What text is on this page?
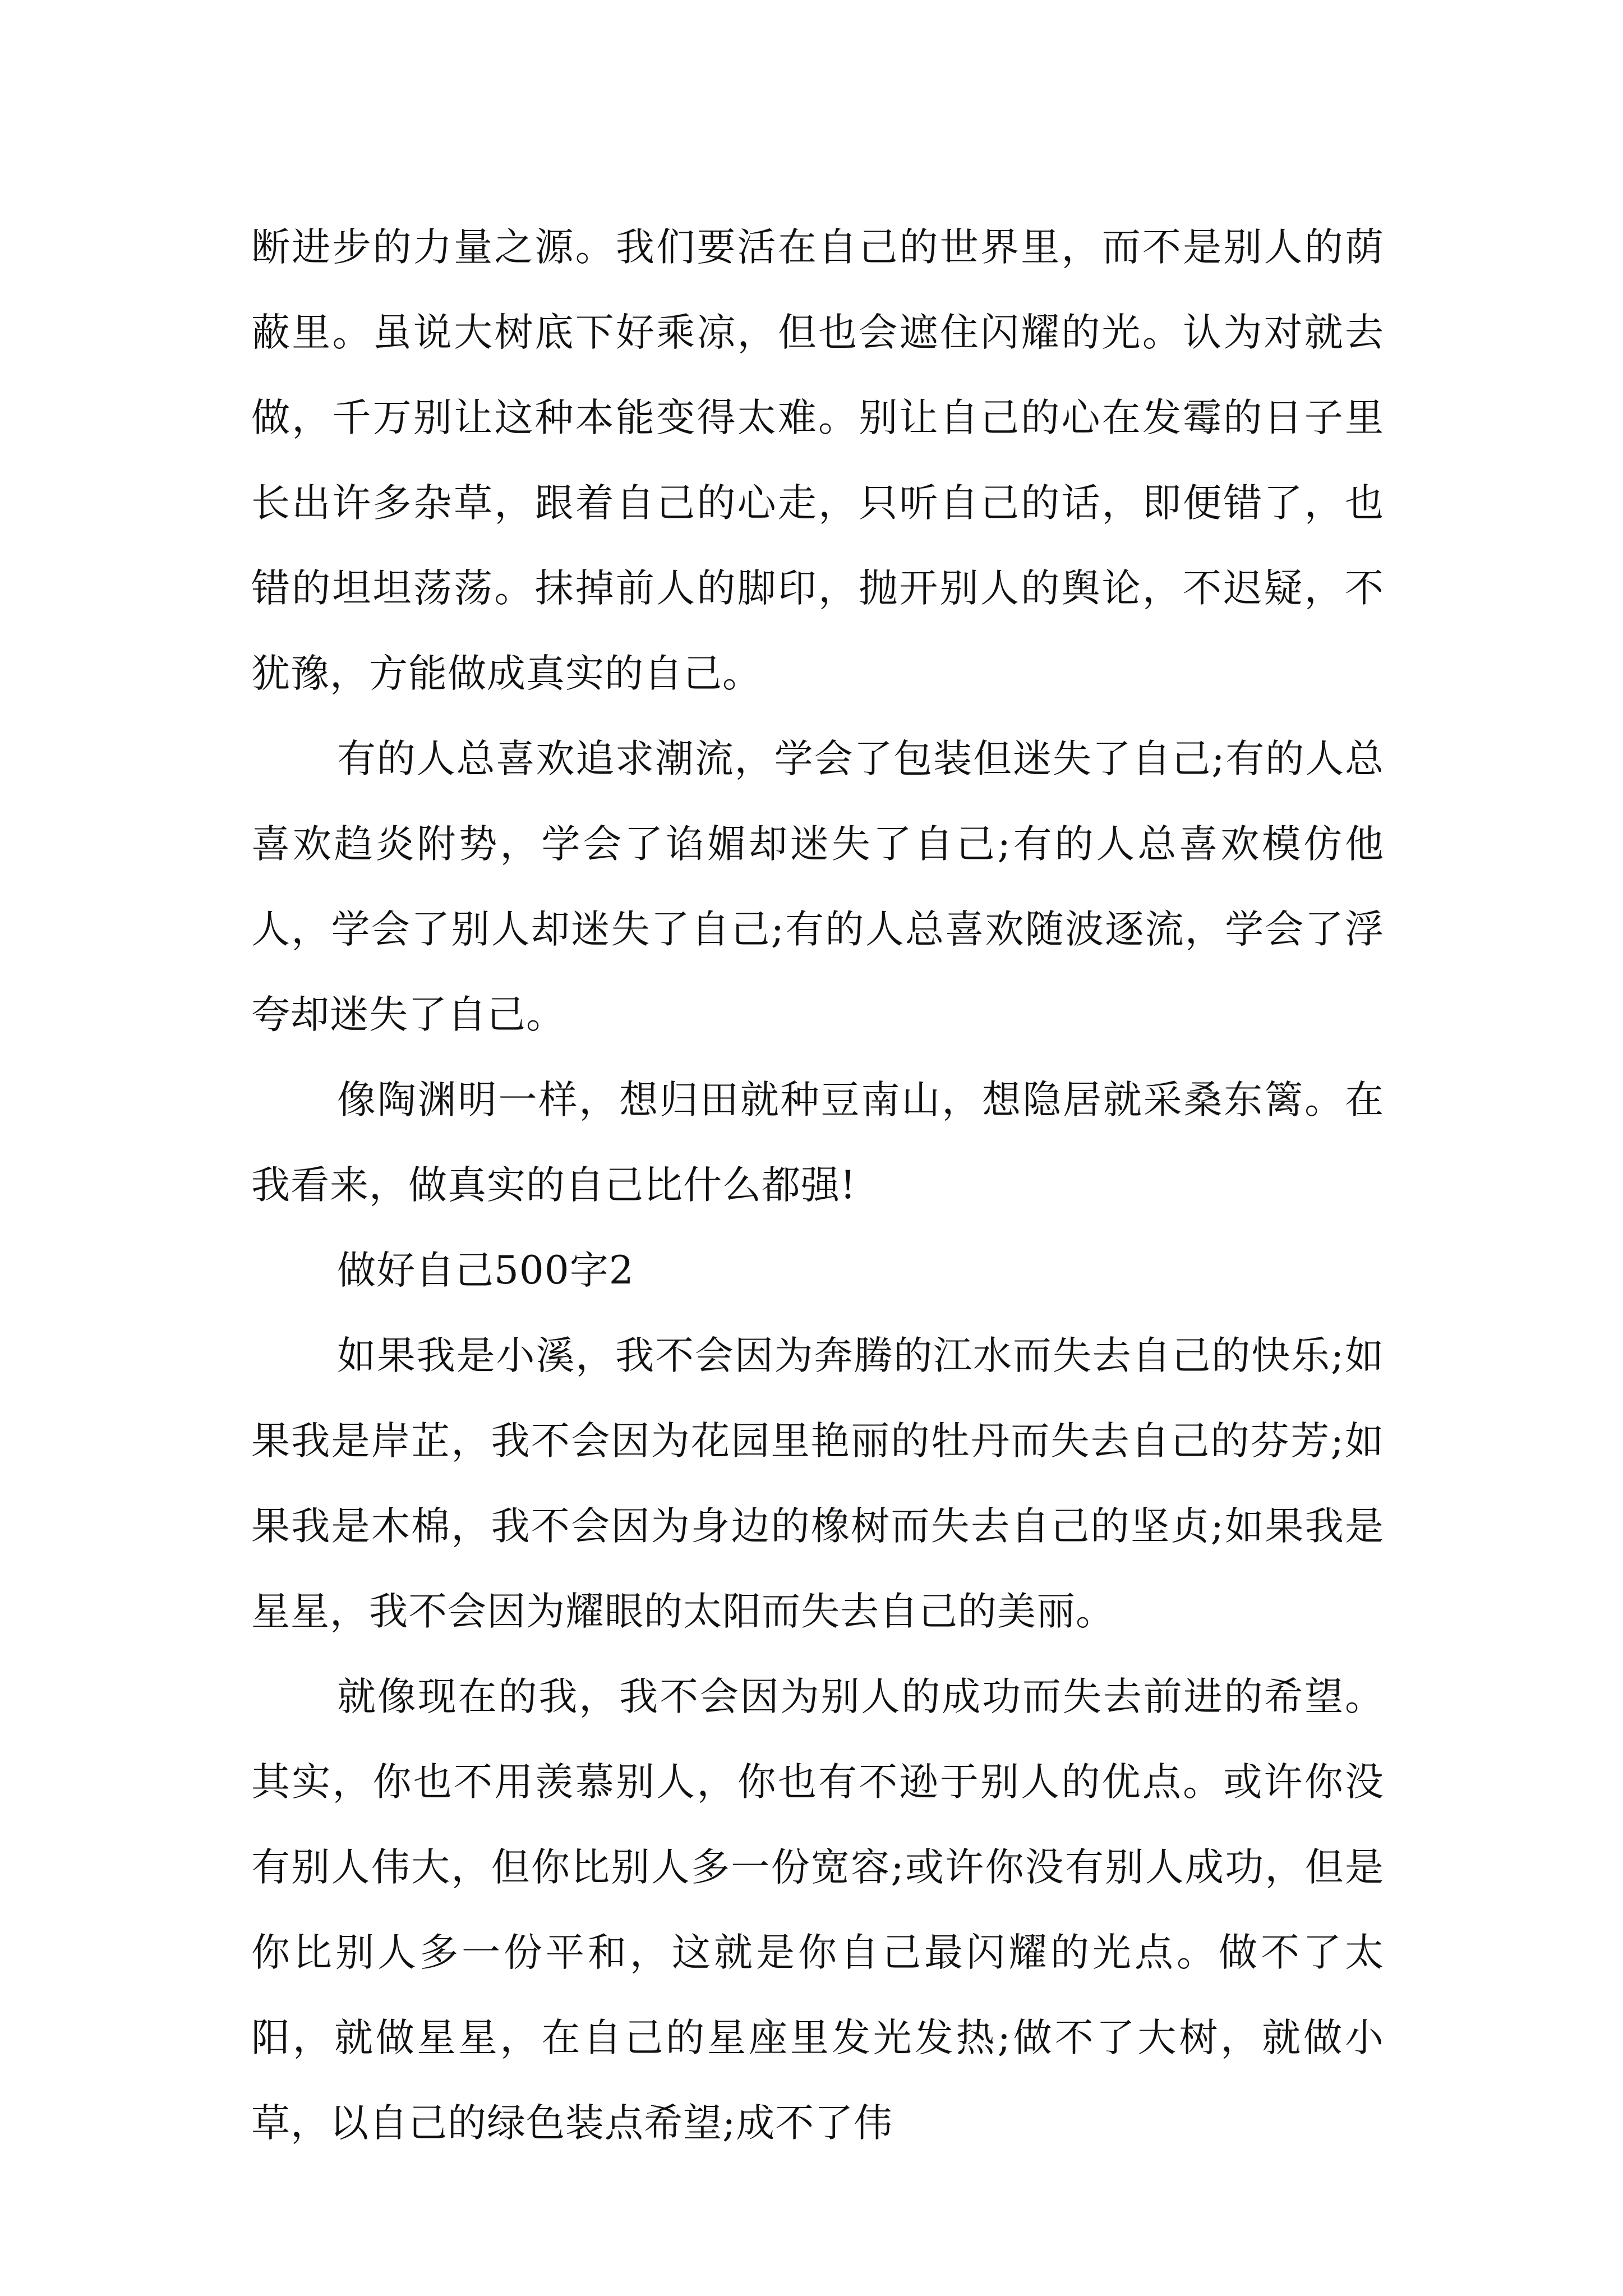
断进步的力量之源。我们要活在自己的世界里，而不是别人的荫蔽里。虽说大树底下好乘凉，但也会遮住闪耀的光。认为对就去做，千万别让这种本能变得太难。别让自己的心在发霉的日子里长出许多杂草，跟着自己的心走，只听自己的话，即便错了，也错的坦坦荡荡。抹掉前人的脚印，抛开别人的舆论，不迟疑，不犹豫，方能做成真实的自己。

有的人总喜欢追求潮流，学会了包装但迷失了自己;有的人总喜欢趋炎附势，学会了谄媚却迷失了自己;有的人总喜欢模仿他人，学会了别人却迷失了自己;有的人总喜欢随波逐流，学会了浮夸却迷失了自己。

像陶渊明一样，想归田就种豆南山，想隐居就采桑东篱。在我看来，做真实的自己比什么都强!

做好自己500字2

如果我是小溪，我不会因为奔腾的江水而失去自己的快乐;如果我是岸芷，我不会因为花园里艳丽的牡丹而失去自己的芬芳;如果我是木棉，我不会因为身边的橡树而失去自己的坚贞;如果我是星星，我不会因为耀眼的太阳而失去自己的美丽。

就像现在的我，我不会因为别人的成功而失去前进的希望。其实，你也不用羡慕别人，你也有不逊于别人的优点。或许你没有别人伟大，但你比别人多一份宽容;或许你没有别人成功，但是你比别人多一份平和，这就是你自己最闪耀的光点。做不了太阳，就做星星，在自己的星座里发光发热;做不了大树，就做小草，以自己的绿色装点希望;成不了伟
